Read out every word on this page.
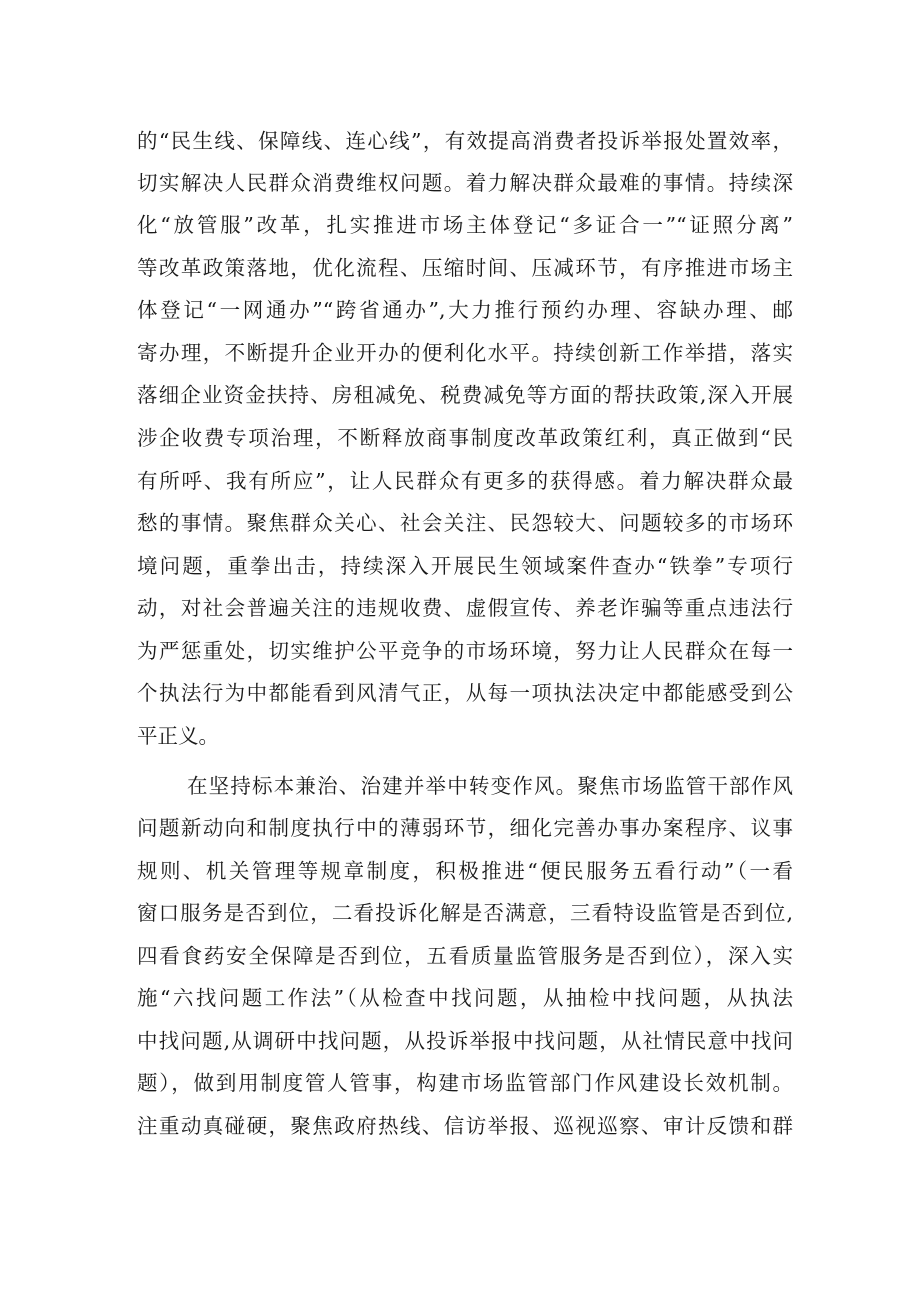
的“民生线、保障线、连心线”，有效提高消费者投诉举报处置效率，
切实解决人民群众消费维权问题。着力解决群众最难的事情。持续深
化“放管服”改革，扎实推进市场主体登记“多证合一”“证照分离”
等改革政策落地，优化流程、压缩时间、压减环节，有序推进市场主
体登记“一网通办”“跨省通办”,大力推行预约办理、容缺办理、邮
寄办理，不断提升企业开办的便利化水平。持续创新工作举措，落实
落细企业资金扶持、房租减免、税费减免等方面的帮扶政策,深入开展
涉企收费专项治理，不断释放商事制度改革政策红利，真正做到“民
有所呼、我有所应”，让人民群众有更多的获得感。着力解决群众最
愁的事情。聚焦群众关心、社会关注、民怨较大、问题较多的市场环
境问题，重拳出击，持续深入开展民生领域案件查办“铁拳”专项行
动，对社会普遍关注的违规收费、虚假宣传、养老诈骗等重点违法行
为严惩重处，切实维护公平竞争的市场环境，努力让人民群众在每一
个执法行为中都能看到风清气正，从每一项执法决定中都能感受到公
平正义。
在坚持标本兼治、治建并举中转变作风。聚焦市场监管干部作风
问题新动向和制度执行中的薄弱环节，细化完善办事办案程序、议事
规则、机关管理等规章制度，积极推进“便民服务五看行动”（一看
窗口服务是否到位，二看投诉化解是否满意，三看特设监管是否到位,
四看食药安全保障是否到位，五看质量监管服务是否到位），深入实
施“六找问题工作法”（从检查中找问题，从抽检中找问题，从执法
中找问题,从调研中找问题，从投诉举报中找问题，从社情民意中找问
题），做到用制度管人管事，构建市场监管部门作风建设长效机制。
注重动真碰硬，聚焦政府热线、信访举报、巡视巡察、审计反馈和群
